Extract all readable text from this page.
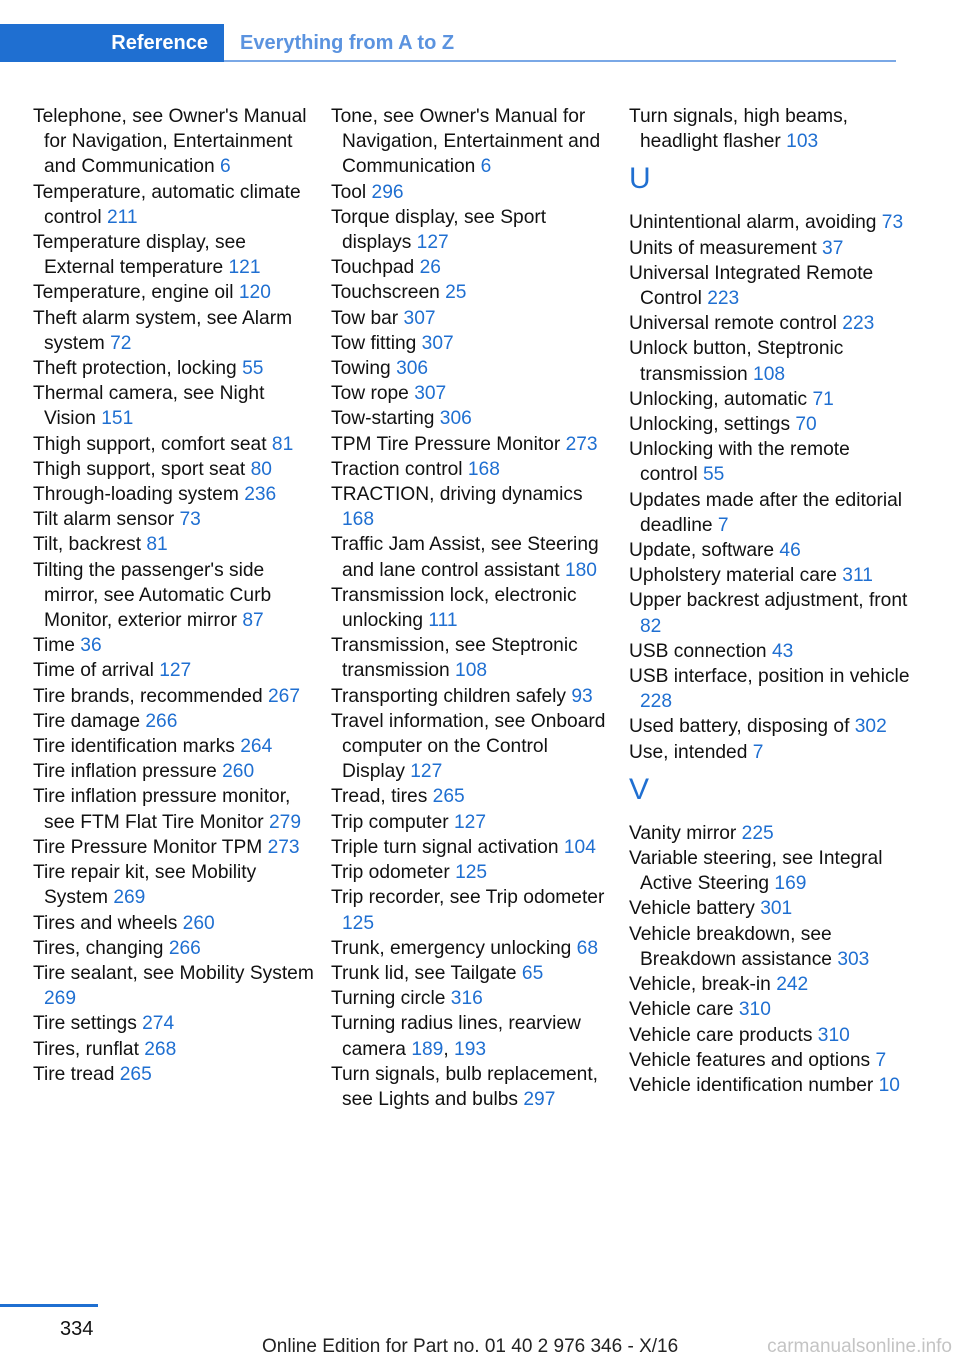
Reference Everything from A to Z
Telephone, see Owner's Manual for Navigation, Entertainment and Communication 6
Temperature, automatic climate control 211
Temperature display, see External temperature 121
Temperature, engine oil 120
Theft alarm system, see Alarm system 72
Theft protection, locking 55
Thermal camera, see Night Vision 151
Thigh support, comfort seat 81
Thigh support, sport seat 80
Through-loading system 236
Tilt alarm sensor 73
Tilt, backrest 81
Tilting the passenger's side mirror, see Automatic Curb Monitor, exterior mirror 87
Time 36
Time of arrival 127
Tire brands, recommended 267
Tire damage 266
Tire identification marks 264
Tire inflation pressure 260
Tire inflation pressure monitor, see FTM Flat Tire Monitor 279
Tire Pressure Monitor TPM 273
Tire repair kit, see Mobility System 269
Tires and wheels 260
Tires, changing 266
Tire sealant, see Mobility System 269
Tire settings 274
Tires, runflat 268
Tire tread 265
Tone, see Owner's Manual for Navigation, Entertainment and Communication 6
Tool 296
Torque display, see Sport displays 127
Touchpad 26
Touchscreen 25
Tow bar 307
Tow fitting 307
Towing 306
Tow rope 307
Tow-starting 306
TPM Tire Pressure Monitor 273
Traction control 168
TRACTION, driving dynamics 168
Traffic Jam Assist, see Steering and lane control assistant 180
Transmission lock, electronic unlocking 111
Transmission, see Steptronic transmission 108
Transporting children safely 93
Travel information, see Onboard computer on the Control Display 127
Tread, tires 265
Trip computer 127
Triple turn signal activation 104
Trip odometer 125
Trip recorder, see Trip odometer 125
Trunk, emergency unlocking 68
Trunk lid, see Tailgate 65
Turning circle 316
Turning radius lines, rearview camera 189, 193
Turn signals, bulb replacement, see Lights and bulbs 297
Turn signals, high beams, headlight flasher 103
U
Unintentional alarm, avoiding 73
Units of measurement 37
Universal Integrated Remote Control 223
Universal remote control 223
Unlock button, Steptronic transmission 108
Unlocking, automatic 71
Unlocking, settings 70
Unlocking with the remote control 55
Updates made after the editorial deadline 7
Update, software 46
Upholstery material care 311
Upper backrest adjustment, front 82
USB connection 43
USB interface, position in vehicle 228
Used battery, disposing of 302
Use, intended 7
V
Vanity mirror 225
Variable steering, see Integral Active Steering 169
Vehicle battery 301
Vehicle breakdown, see Breakdown assistance 303
Vehicle, break-in 242
Vehicle care 310
Vehicle care products 310
Vehicle features and options 7
Vehicle identification number 10
334
Online Edition for Part no. 01 40 2 976 346 - X/16	carmanualsonline.info
